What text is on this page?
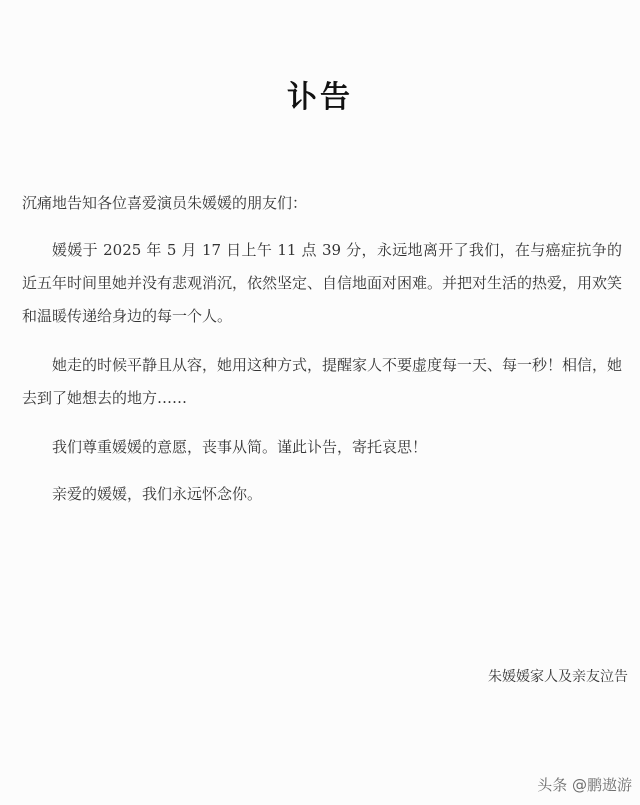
讣告
沉痛地告知各位喜爱演员朱媛媛的朋友们：
媛媛于 2025 年 5 月 17 日上午 11 点 39 分，永远地离开了我们，在与癌症抗争的近五年时间里她并没有悲观消沉，依然坚定、自信地面对困难。并把对生活的热爱，用欢笑和温暖传递给身边的每一个人。
她走的时候平静且从容，她用这种方式，提醒家人不要虚度每一天、每一秒！相信，她去到了她想去的地方……
我们尊重媛媛的意愿，丧事从简。谨此讣告，寄托哀思！
亲爱的媛媛，我们永远怀念你。
朱媛媛家人及亲友泣告
头条 @鹏遨游
